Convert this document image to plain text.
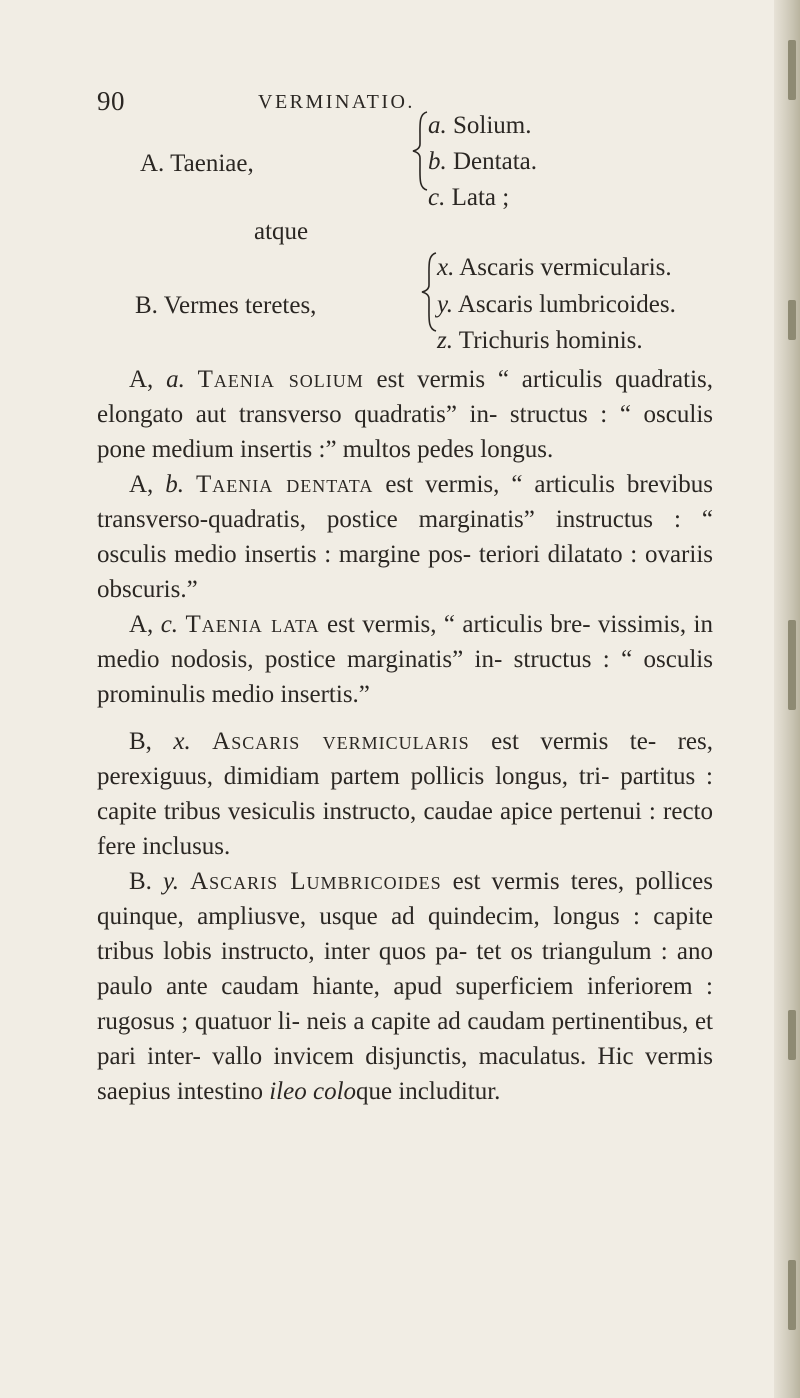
90	VERMINATIO.
A. Taeniae,
a. Solium.
b. Dentata.
c. Lata ;
atque
B. Vermes teretes,
x. Ascaris vermicularis.
y. Ascaris lumbricoides.
z. Trichuris hominis.

A, a. Taenia solium est vermis “ articulis quadratis, elongato aut transverso quadratis” in- structus : “ osculis pone medium insertis :” multos pedes longus.

A, b. Taenia dentata est vermis, “ articulis brevibus transverso-quadratis, postice marginatis” instructus : “ osculis medio insertis : margine pos- teriori dilatato : ovariis obscuris.”

A, c. Taenia lata est vermis, “ articulis bre- vissimis, in medio nodosis, postice marginatis” in- structus : “ osculis prominulis medio insertis.”

B, x. Ascaris vermicularis est vermis te- res, perexiguus, dimidiam partem pollicis longus, tri- partitus : capite tribus vesiculis instructo, caudae apice pertenui : recto fere inclusus.

B. y. Ascaris Lumbricoides est vermis teres, pollices quinque, ampliusve, usque ad quindecim, longus : capite tribus lobis instructo, inter quos pa- tet os triangulum : ano paulo ante caudam hiante, apud superficiem inferiorem : rugosus ; quatuor li- neis a capite ad caudam pertinentibus, et pari inter- vallo invicem disjunctis, maculatus. Hic vermis saepius intestino ileo coloque includitur.
